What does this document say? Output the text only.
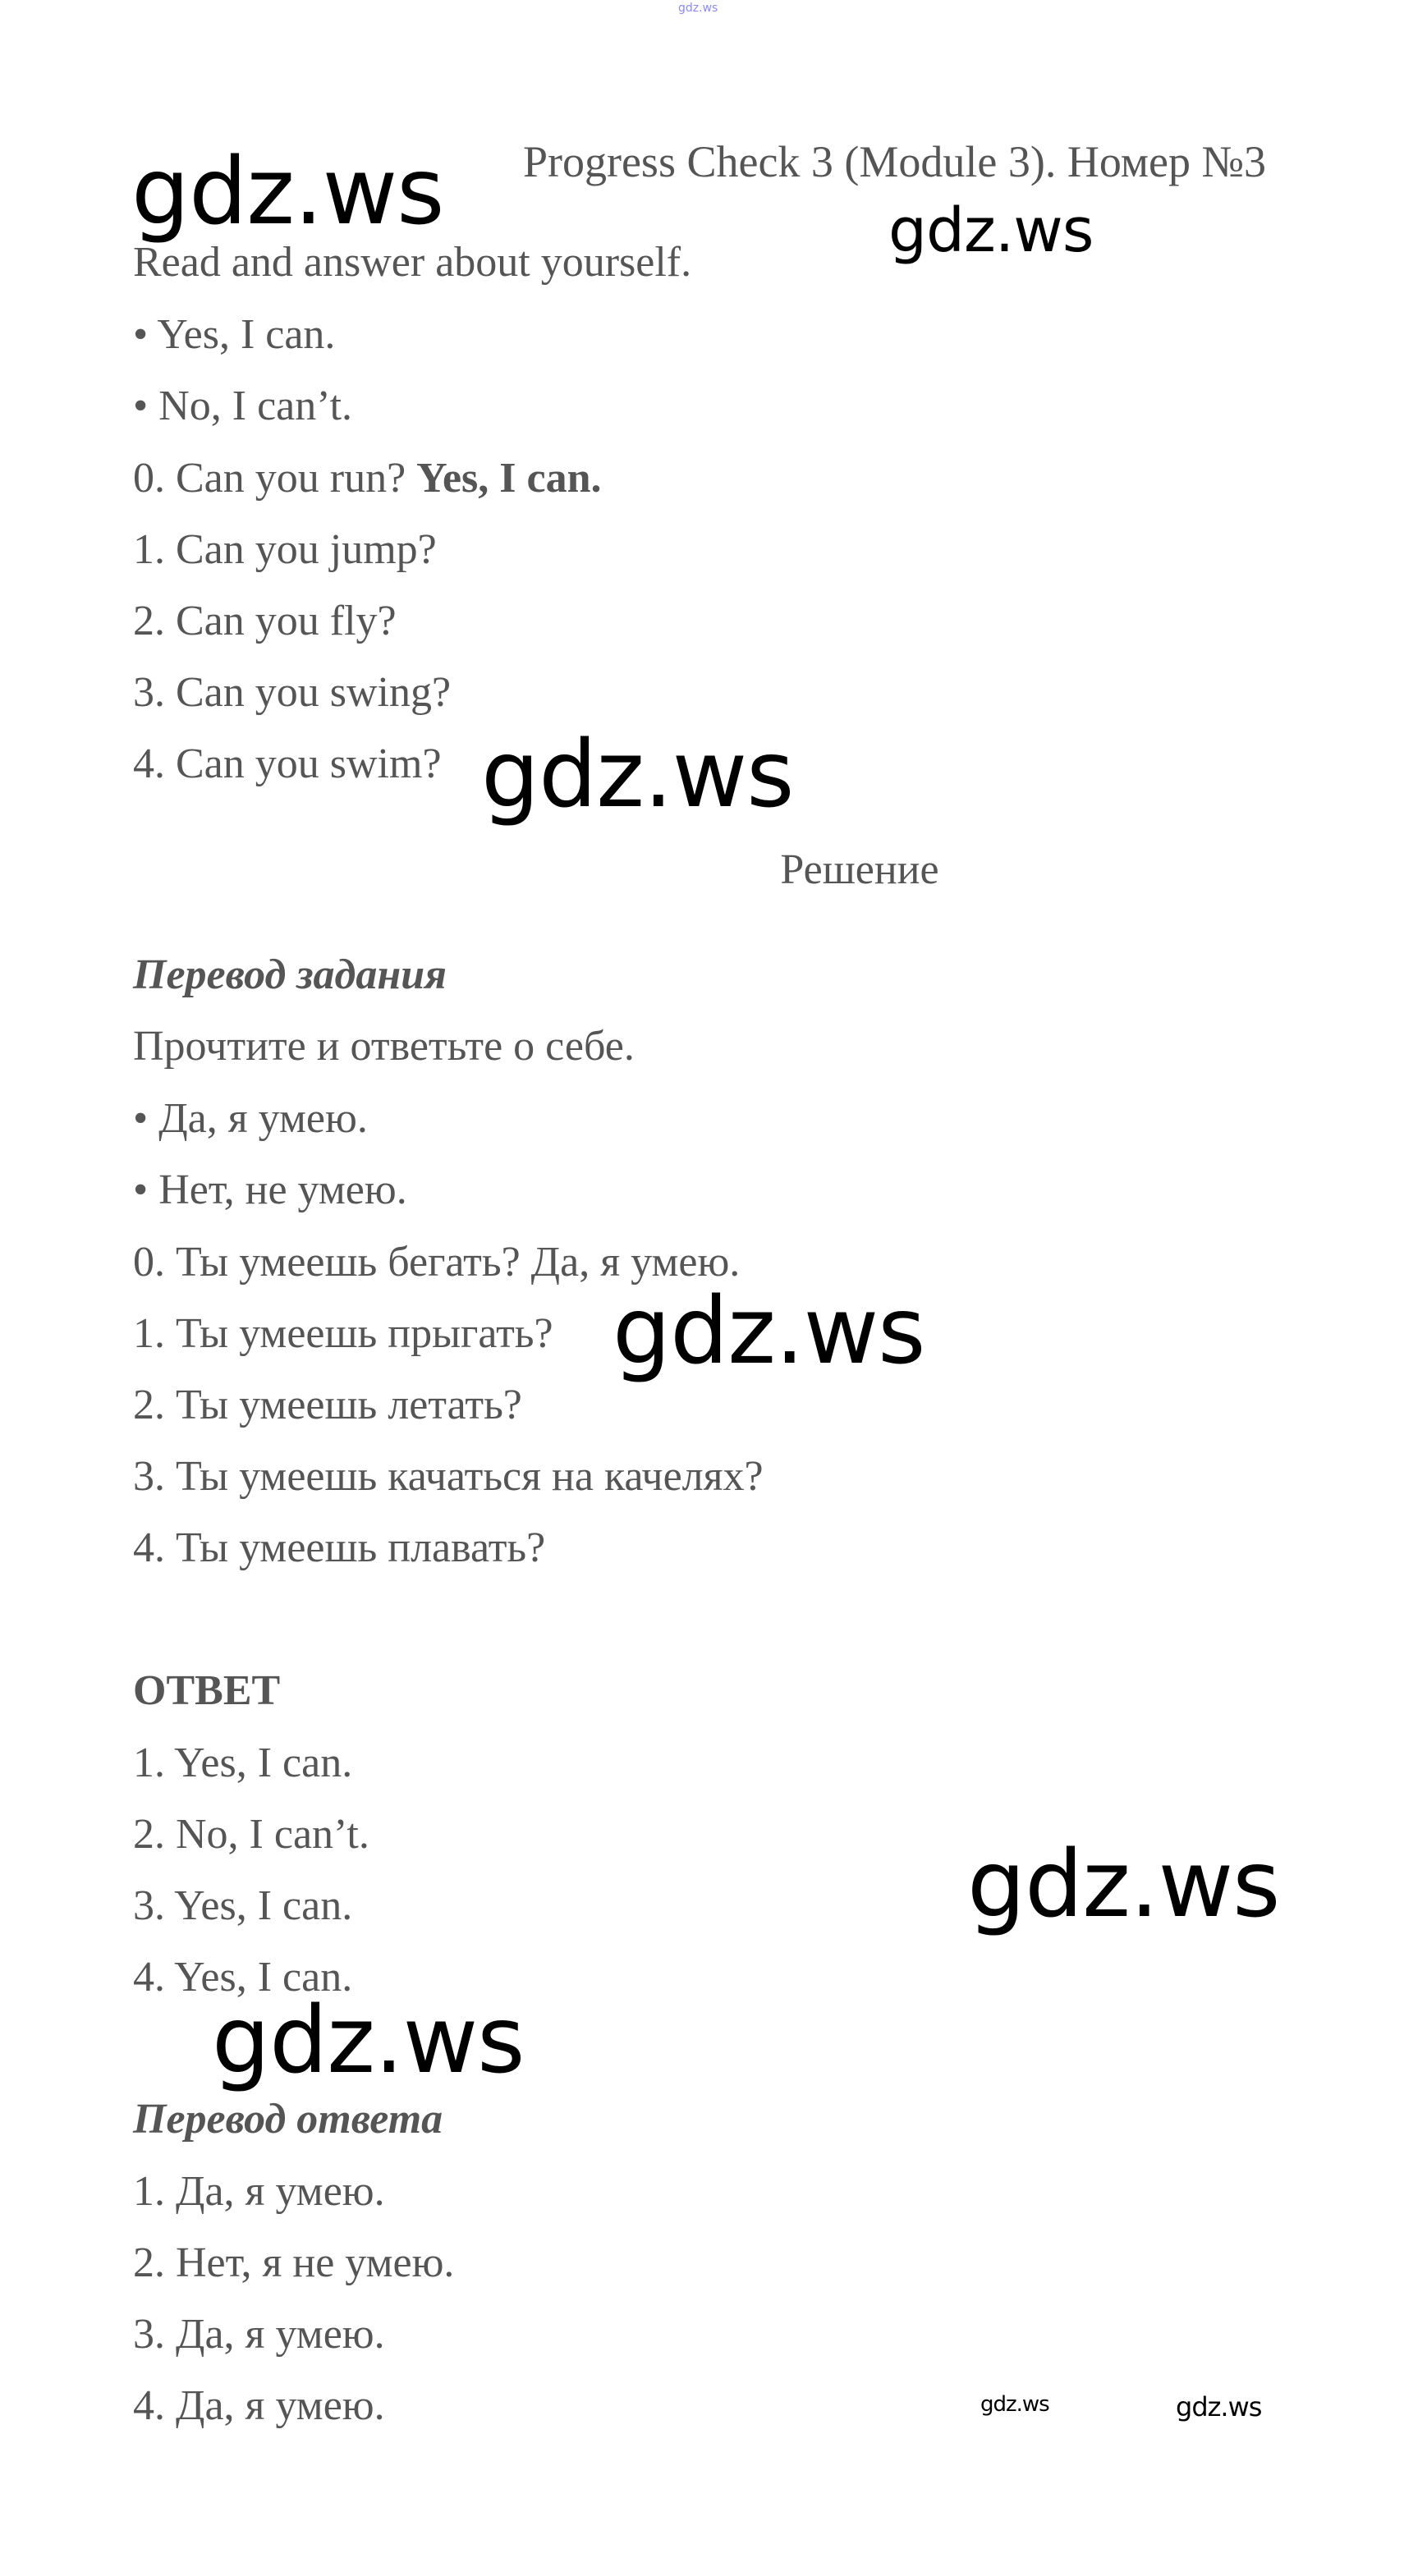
gdz.ws
Progress Check 3 (Module 3). Номер №3
Read and answer about yourself.
• Yes, I can.
• No, I can’t.
0. Can you run? Yes, I can.
1. Can you jump?
2. Can you fly?
3. Can you swing?
4. Can you swim?
Решение
Перевод задания
Прочтите и ответьте о себе.
• Да, я умею.
• Нет, не умею.
0. Ты умеешь бегать? Да, я умею.
1. Ты умеешь прыгать?
2. Ты умеешь летать?
3. Ты умеешь качаться на качелях?
4. Ты умеешь плавать?
ОТВЕТ
1. Yes, I can.
2. No, I can’t.
3. Yes, I can.
4. Yes, I can.
Перевод ответа
1. Да, я умею.
2. Нет, я не умею.
3. Да, я умею.
4. Да, я умею.
gdz.ws	gdz.ws
gdz.ws
gdz.ws
gdz.ws
gdz.ws
gdz.ws	gdz.ws
